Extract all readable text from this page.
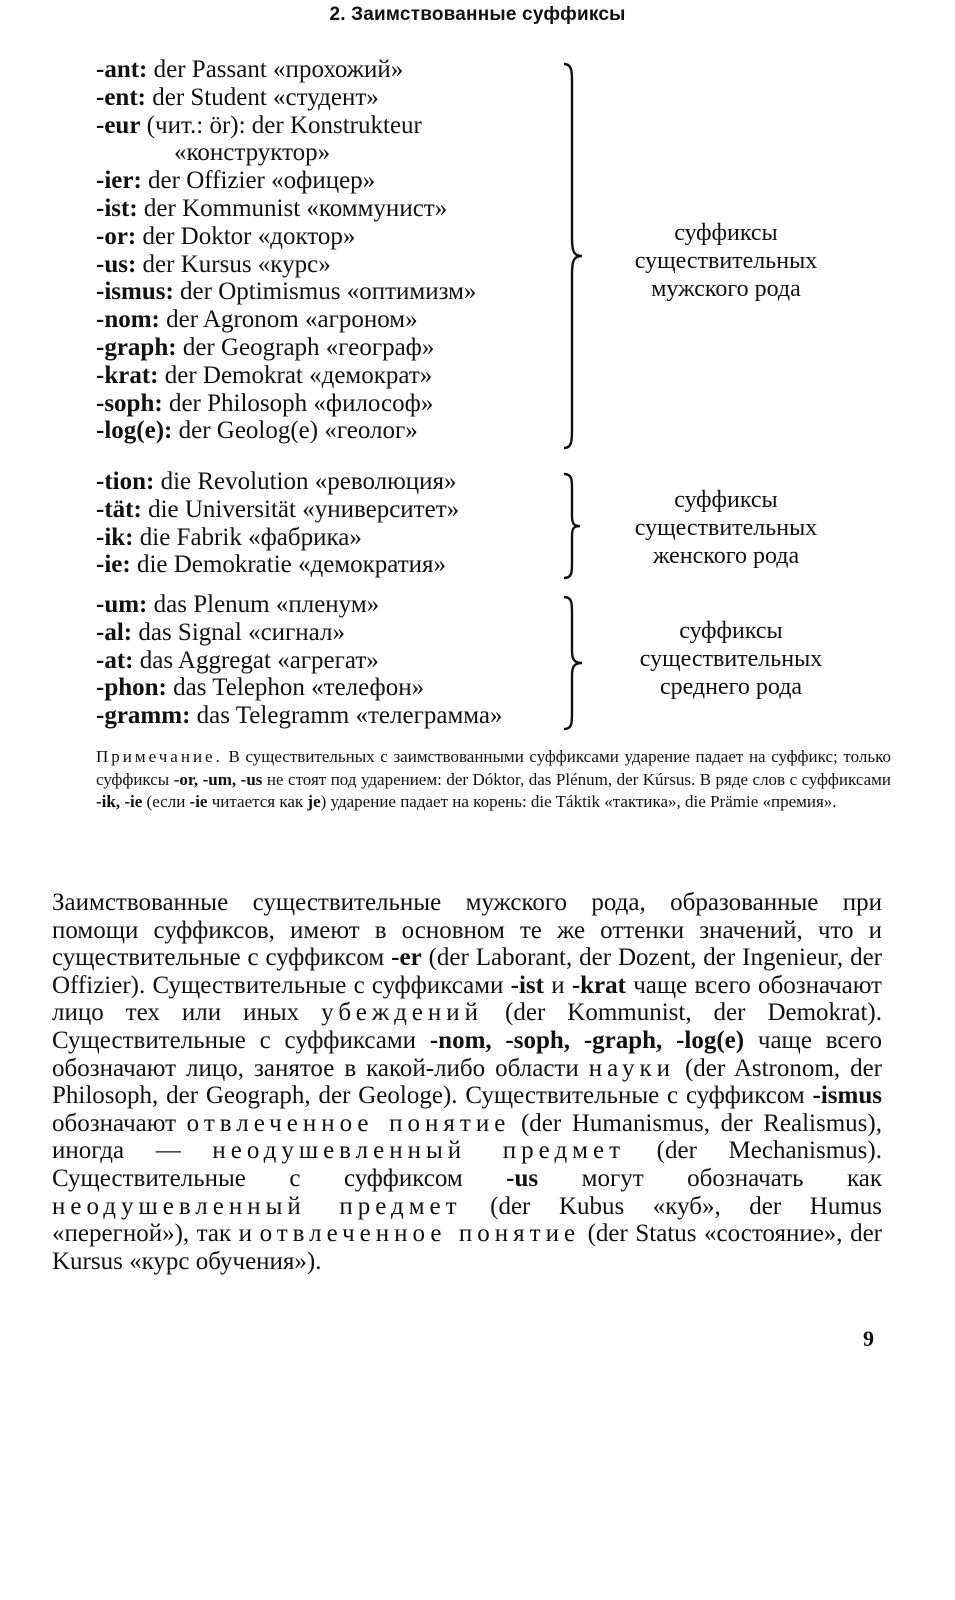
2. Заимствованные суффиксы
-ant: der Passant «прохожий»
-ent: der Student «студент»
-eur (чит.: ör): der Konstrukteur
«конструктор»
-ier: der Offizier «офицер»
-ist: der Kommunist «коммунист»
-or: der Doktor «доктор»
-us: der Kursus «курс»
-ismus: der Optimismus «оптимизм»
-nom: der Agronom «агроном»
-graph: der Geograph «географ»
-krat: der Demokrat «демократ»
-soph: der Philosoph «философ»
-log(e): der Geolog(e) «геолог»
суффиксы
существительных
мужского рода
-tion: die Revolution «революция»
-tät: die Universität «университет»
-ik: die Fabrik «фабрика»
-ie: die Demokratie «демократия»
суффиксы
существительных
женского рода
-um: das Plenum «пленум»
-al: das Signal «сигнал»
-at: das Aggregat «агрегат»
-phon: das Telephon «телефон»
-gramm: das Telegramm «телеграмма»
суффиксы
существительных
среднего рода
Примечание. В существительных с заимствованными суффиксами ударение падает на суффикс; только суффиксы -or, -um, -us не стоят под ударением: der Dóktor, das Plénum, der Kúrsus. В ряде слов с суффиксами -ik, -ie (если -ie читается как je) ударение падает на корень: die Táktik «тактика», die Prämie «премия».
Заимствованные существительные мужского рода, образованные при помощи суффиксов, имеют в основном те же оттенки значений, что и существительные с суффиксом -er (der Laborant, der Dozent, der Ingenieur, der Offizier). Существительные с суффиксами -ist и -krat чаще всего обозначают лицо тех или иных убеждений (der Kommunist, der Demokrat). Существительные с суффиксами -nom, -soph, -graph, -log(e) чаще всего обозначают лицо, занятое в какой-либо области науки (der Astronom, der Philosoph, der Geograph, der Geologe). Существительные с суффиксом -ismus обозначают отвлеченное понятие (der Humanismus, der Realismus), иногда — неодушевленный предмет (der Mechanismus). Существительные с суффиксом -us могут обозначать как неодушевленный предмет (der Kubus «куб», der Humus «перегной»), так и отвлеченное понятие (der Status «состояние», der Kursus «курс обучения»).
9
